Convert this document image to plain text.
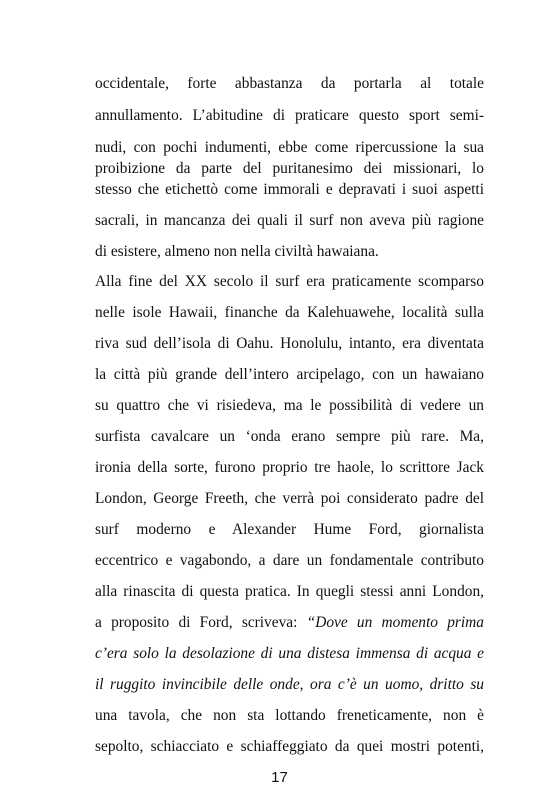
occidentale, forte abbastanza da portarla al totale
annullamento. L’abitudine di praticare questo sport semi-
nudi, con pochi indumenti, ebbe come ripercussione la sua
proibizione da parte del puritanesimo dei missionari, lo
stesso che etichettò come immorali e depravati i suoi aspetti
sacrali, in mancanza dei quali il surf non aveva più ragione
di esistere, almeno non nella civiltà hawaiana.
Alla fine del XX secolo il surf era praticamente scomparso
nelle isole Hawaii, finanche da Kalehuawehe, località sulla
riva sud dell’isola di Oahu. Honolulu, intanto, era diventata
la città più grande dell’intero arcipelago, con un hawaiano
su quattro che vi risiedeva, ma le possibilità di vedere un
surfista cavalcare un ‘onda erano sempre più rare. Ma,
ironia della sorte, furono proprio tre haole, lo scrittore Jack
London, George Freeth, che verrà poi considerato padre del
surf moderno e Alexander Hume Ford, giornalista
eccentrico e vagabondo, a dare un fondamentale contributo
alla rinascita di questa pratica. In quegli stessi anni London,
a proposito di Ford, scriveva: “Dove un momento prima
c’era solo la desolazione di una distesa immensa di acqua e
il ruggito invincibile delle onde, ora c’è un uomo, dritto su
una tavola, che non sta lottando freneticamente, non è
sepolto, schiacciato e schiaffeggiato da quei mostri potenti,
17
